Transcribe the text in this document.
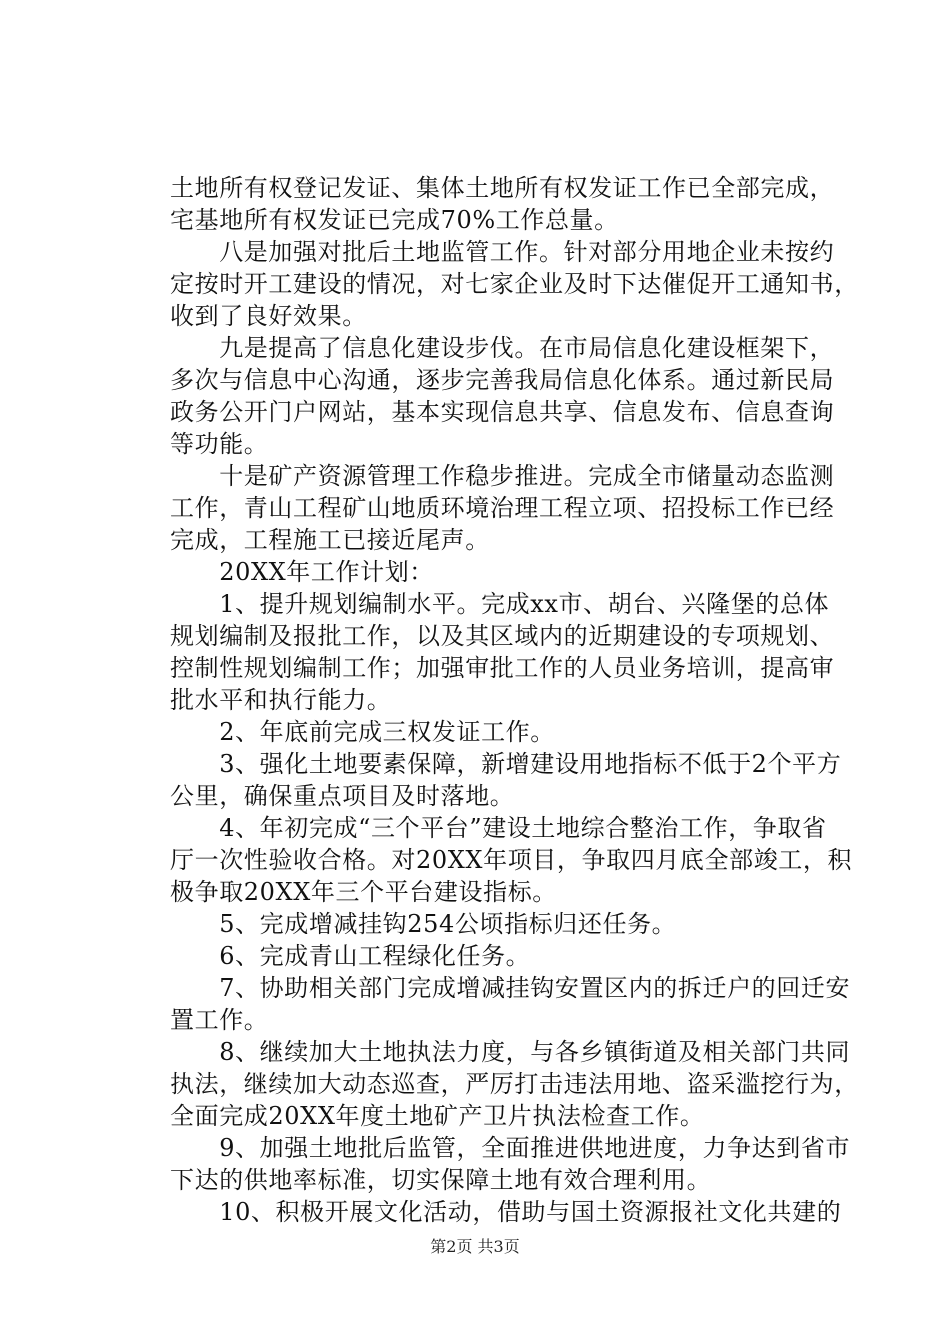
土地所有权登记发证、集体土地所有权发证工作已全部完成，
宅基地所有权发证已完成70%工作总量。
　　八是加强对批后土地监管工作。针对部分用地企业未按约
定按时开工建设的情况，对七家企业及时下达催促开工通知书，
收到了良好效果。
　　九是提高了信息化建设步伐。在市局信息化建设框架下，
多次与信息中心沟通，逐步完善我局信息化体系。通过新民局
政务公开门户网站，基本实现信息共享、信息发布、信息查询
等功能。
　　十是矿产资源管理工作稳步推进。完成全市储量动态监测
工作，青山工程矿山地质环境治理工程立项、招投标工作已经
完成，工程施工已接近尾声。
　　20XX年工作计划：
　　1、提升规划编制水平。完成xx市、胡台、兴隆堡的总体
规划编制及报批工作，以及其区域内的近期建设的专项规划、
控制性规划编制工作；加强审批工作的人员业务培训，提高审
批水平和执行能力。
　　2、年底前完成三权发证工作。
　　3、强化土地要素保障，新增建设用地指标不低于2个平方
公里，确保重点项目及时落地。
　　4、年初完成“三个平台”建设土地综合整治工作，争取省
厅一次性验收合格。对20XX年项目，争取四月底全部竣工，积
极争取20XX年三个平台建设指标。
　　5、完成增减挂钩254公顷指标归还任务。
　　6、完成青山工程绿化任务。
　　7、协助相关部门完成增减挂钩安置区内的拆迁户的回迁安
置工作。
　　8、继续加大土地执法力度，与各乡镇街道及相关部门共同
执法，继续加大动态巡查，严厉打击违法用地、盗采滥挖行为，
全面完成20XX年度土地矿产卫片执法检查工作。
　　9、加强土地批后监管，全面推进供地进度，力争达到省市
下达的供地率标准，切实保障土地有效合理利用。
　　10、积极开展文化活动，借助与国土资源报社文化共建的
第2页 共3页
